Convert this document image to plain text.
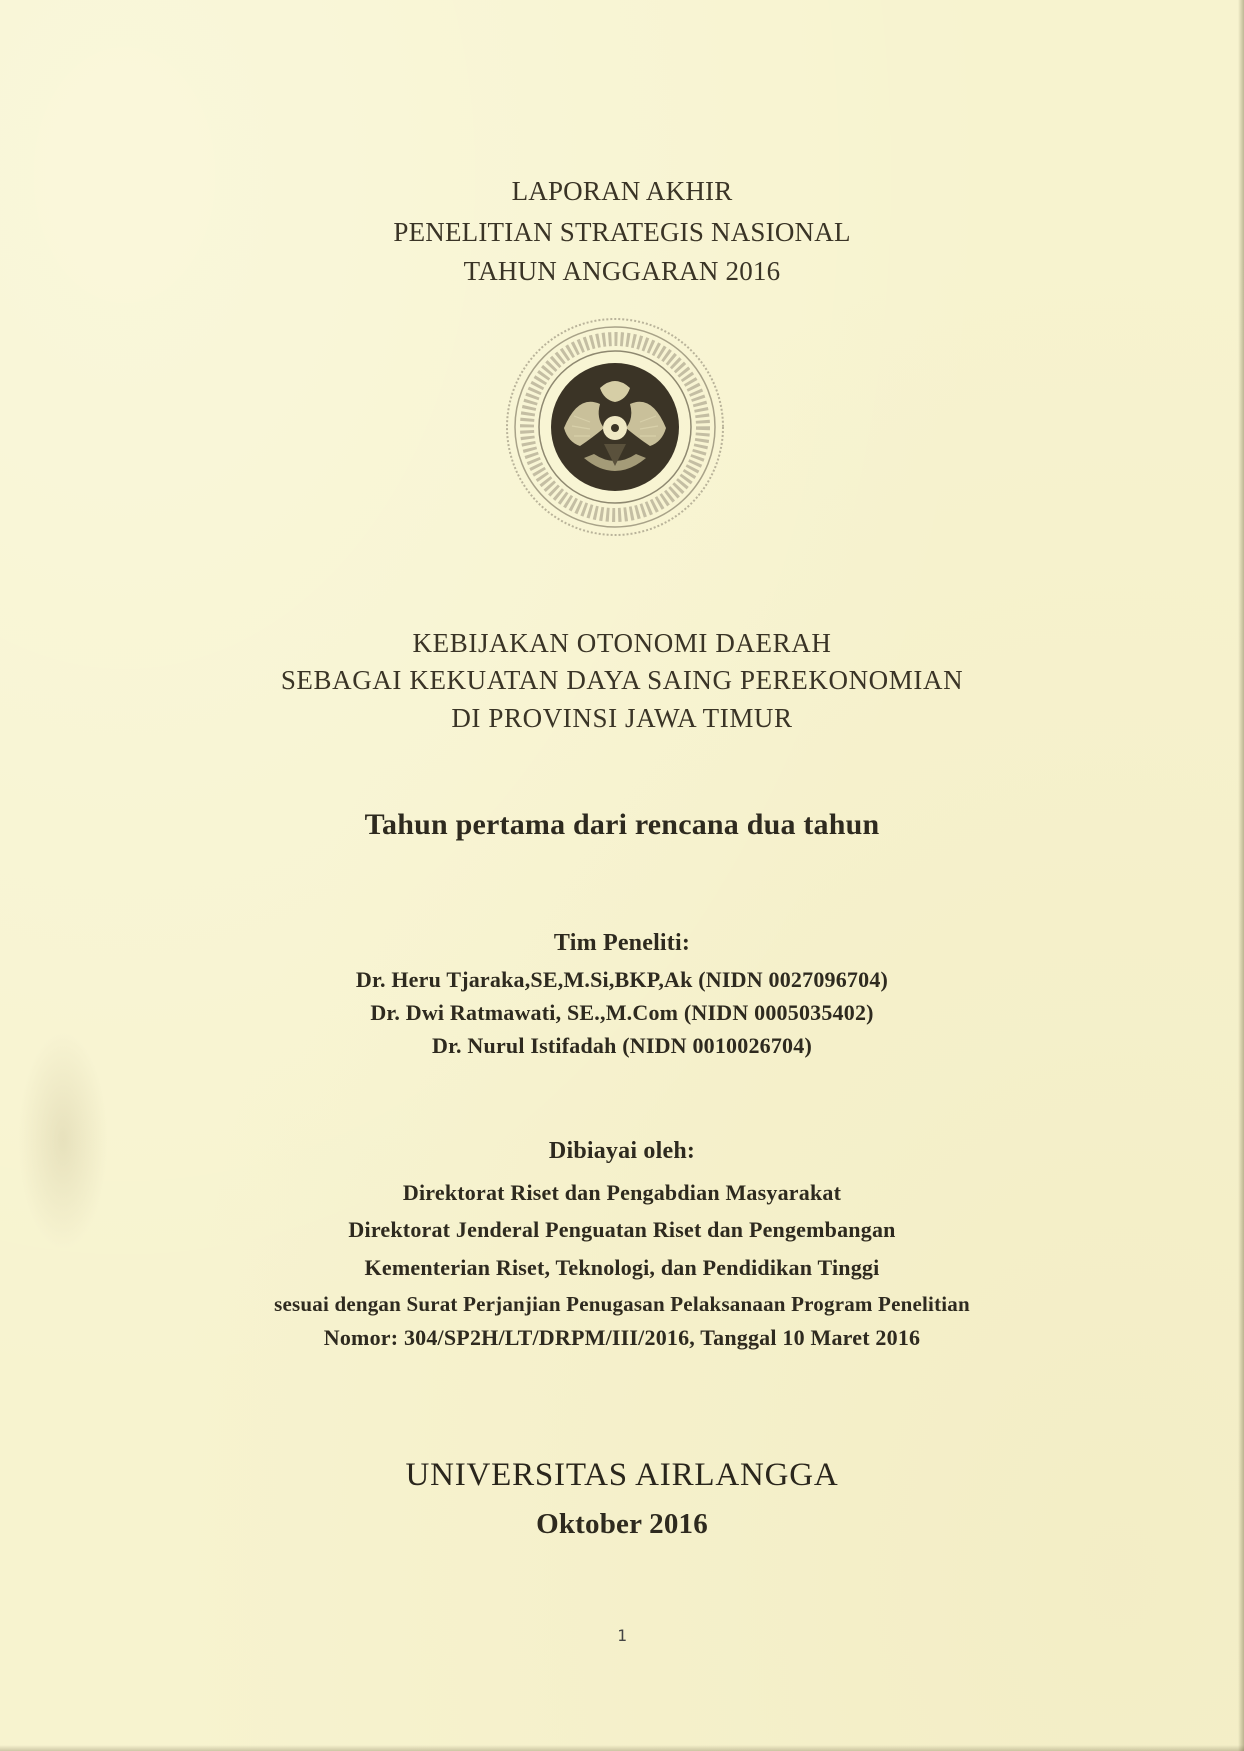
LAPORAN AKHIR
PENELITIAN STRATEGIS NASIONAL
TAHUN ANGGARAN 2016
KEBIJAKAN OTONOMI DAERAH
SEBAGAI KEKUATAN DAYA SAING PEREKONOMIAN
DI PROVINSI JAWA TIMUR
Tahun pertama dari rencana dua tahun
Tim Peneliti:
Dr. Heru Tjaraka,SE,M.Si,BKP,Ak (NIDN 0027096704)
Dr. Dwi Ratmawati, SE.,M.Com (NIDN 0005035402)
Dr. Nurul Istifadah (NIDN 0010026704)
Dibiayai oleh:
Direktorat Riset dan Pengabdian Masyarakat
Direktorat Jenderal Penguatan Riset dan Pengembangan
Kementerian Riset, Teknologi, dan Pendidikan Tinggi
sesuai dengan Surat Perjanjian Penugasan Pelaksanaan Program Penelitian
Nomor: 304/SP2H/LT/DRPM/III/2016, Tanggal 10 Maret 2016
UNIVERSITAS AIRLANGGA
Oktober 2016
1
